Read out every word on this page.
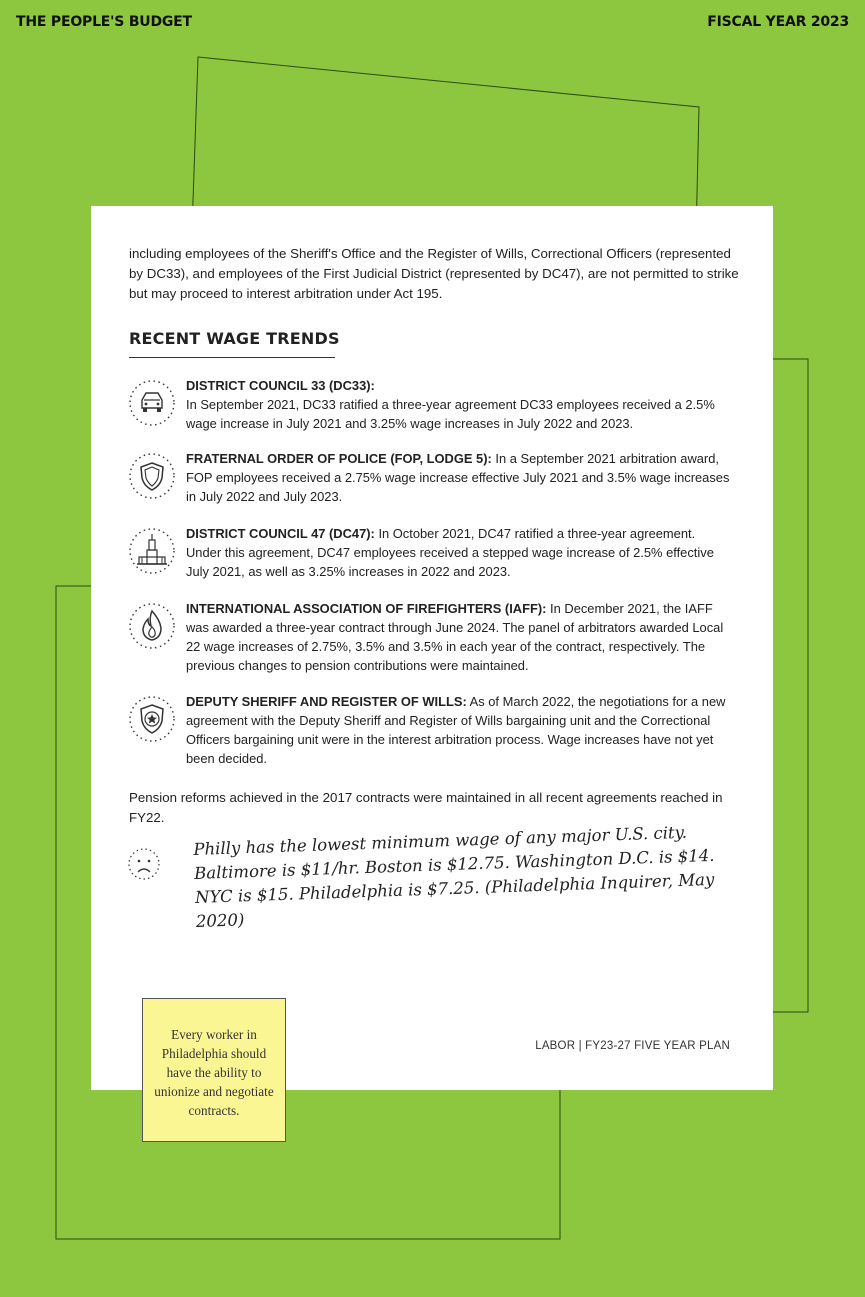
THE PEOPLE'S BUDGET	FISCAL YEAR 2023
including employees of the Sheriff's Office and the Register of Wills, Correctional Officers (represented by DC33), and employees of the First Judicial District (represented by DC47), are not permitted to strike but may proceed to interest arbitration under Act 195.
RECENT WAGE TRENDS
DISTRICT COUNCIL 33 (DC33):
In September 2021, DC33 ratified a three-year agreement DC33 employees received a 2.5% wage increase in July 2021 and 3.25% wage increases in July 2022 and 2023.
FRATERNAL ORDER OF POLICE (FOP, LODGE 5): In a September 2021 arbitration award, FOP employees received a 2.75% wage increase effective July 2021 and 3.5% wage increases in July 2022 and July 2023.
DISTRICT COUNCIL 47 (DC47): In October 2021, DC47 ratified a three-year agreement. Under this agreement, DC47 employees received a stepped wage increase of 2.5% effective July 2021, as well as 3.25% increases in 2022 and 2023.
INTERNATIONAL ASSOCIATION OF FIREFIGHTERS (IAFF): In December 2021, the IAFF was awarded a three-year contract through June 2024. The panel of arbitrators awarded Local 22 wage increases of 2.75%, 3.5% and 3.5% in each year of the contract, respectively. The previous changes to pension contributions were maintained.
DEPUTY SHERIFF AND REGISTER OF WILLS: As of March 2022, the negotiations for a new agreement with the Deputy Sheriff and Register of Wills bargaining unit and the Correctional Officers bargaining unit were in the interest arbitration process. Wage increases have not yet been decided.
Pension reforms achieved in the 2017 contracts were maintained in all recent agreements reached in FY22.
Philly has the lowest minimum wage of any major U.S. city. Baltimore is $11/hr. Boston is $12.75. Washington D.C. is $14. NYC is $15. Philadelphia is $7.25. (Philadelphia Inquirer, May 2020)
LABOR | FY23-27 FIVE YEAR PLAN
Every worker in Philadelphia should have the ability to unionize and negotiate contracts.
